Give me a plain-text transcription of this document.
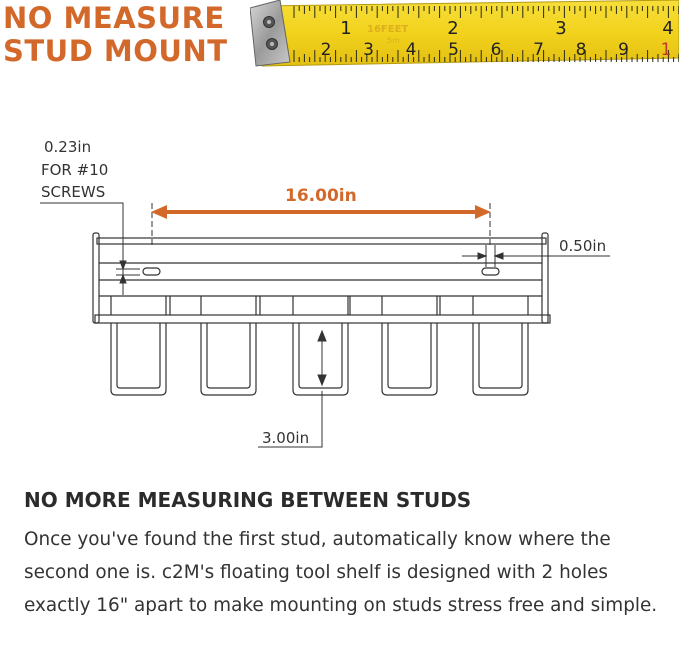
NO MEASURE
STUD MOUNT
16FEET
5m
1	2	3	4
2 3 4 5 6 7 8 9 1
0.23in FOR #10 SCREWS	16.00in
0.50in
3.00in
NO MORE MEASURING BETWEEN STUDS

Once you've found the first stud, automatically know where the second one is. c2M's floating tool shelf is designed with 2 holes exactly 16" apart to make mounting on studs stress free and simple.
